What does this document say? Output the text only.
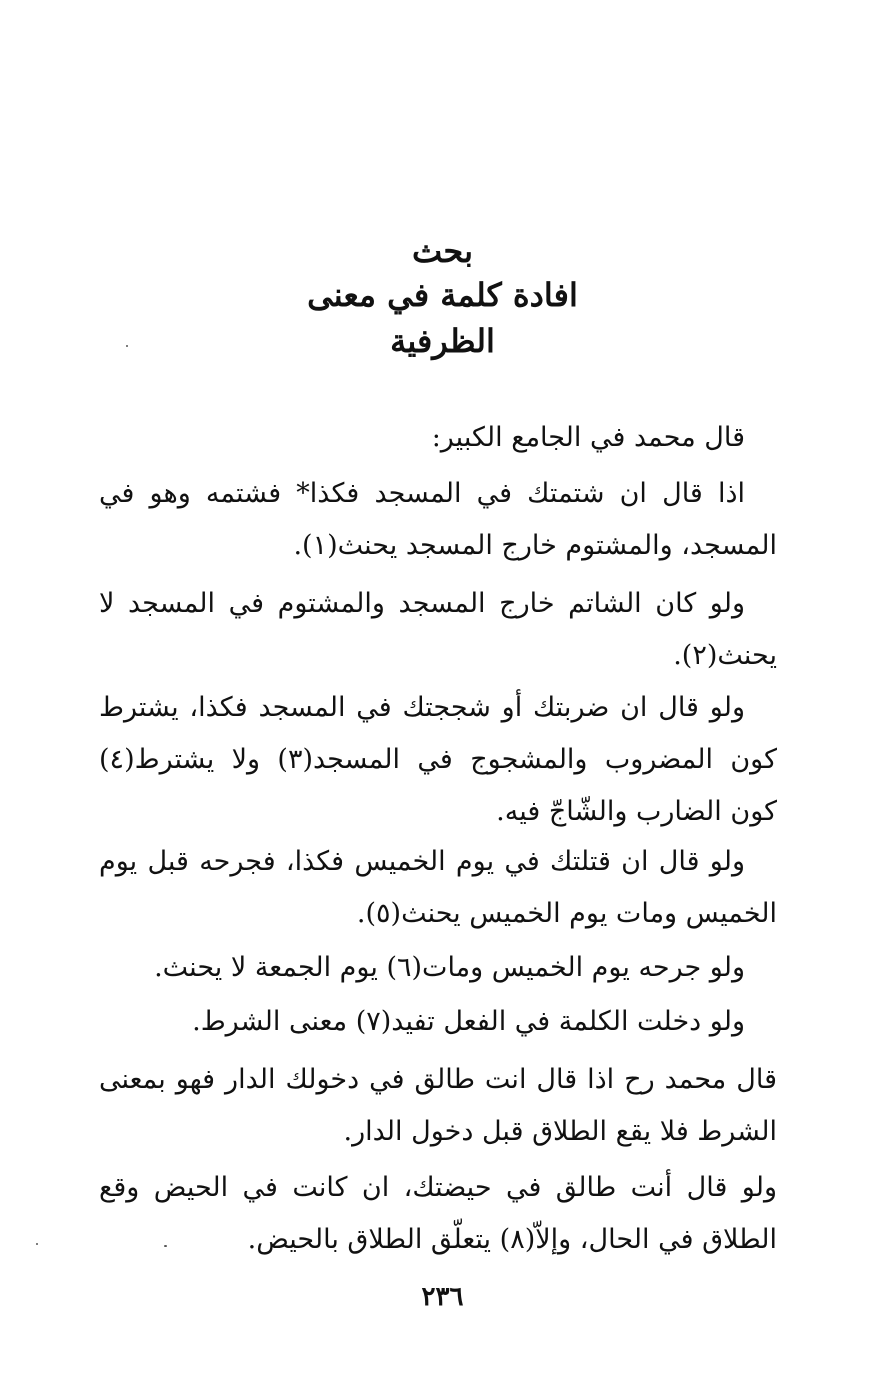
بحث
افادة كلمة في معنى
الظرفية

قال محمد في الجامع الكبير:

اذا قال ان شتمتك في المسجد فكذا* فشتمه وهو في المسجد، والمشتوم خارج المسجد يحنث(١).

ولو كان الشاتم خارج المسجد والمشتوم في المسجد لا يحنث(٢).

ولو قال ان ضربتك أو شججتك في المسجد فكذا، يشترط كون المضروب والمشجوج في المسجد(٣) ولا يشترط(٤) كون الضارب والشّاجّ فيه.

ولو قال ان قتلتك في يوم الخميس فكذا، فجرحه قبل يوم الخميس ومات يوم الخميس يحنث(٥).

ولو جرحه يوم الخميس ومات(٦) يوم الجمعة لا يحنث.

ولو دخلت الكلمة في الفعل تفيد(٧) معنى الشرط.

قال محمد رح اذا قال انت طالق في دخولك الدار فهو بمعنى الشرط فلا يقع الطلاق قبل دخول الدار.

ولو قال أنت طالق في حيضتك، ان كانت في الحيض وقع الطلاق في الحال، وإلاّ(٨) يتعلّق الطلاق بالحيض.

٢٣٦
